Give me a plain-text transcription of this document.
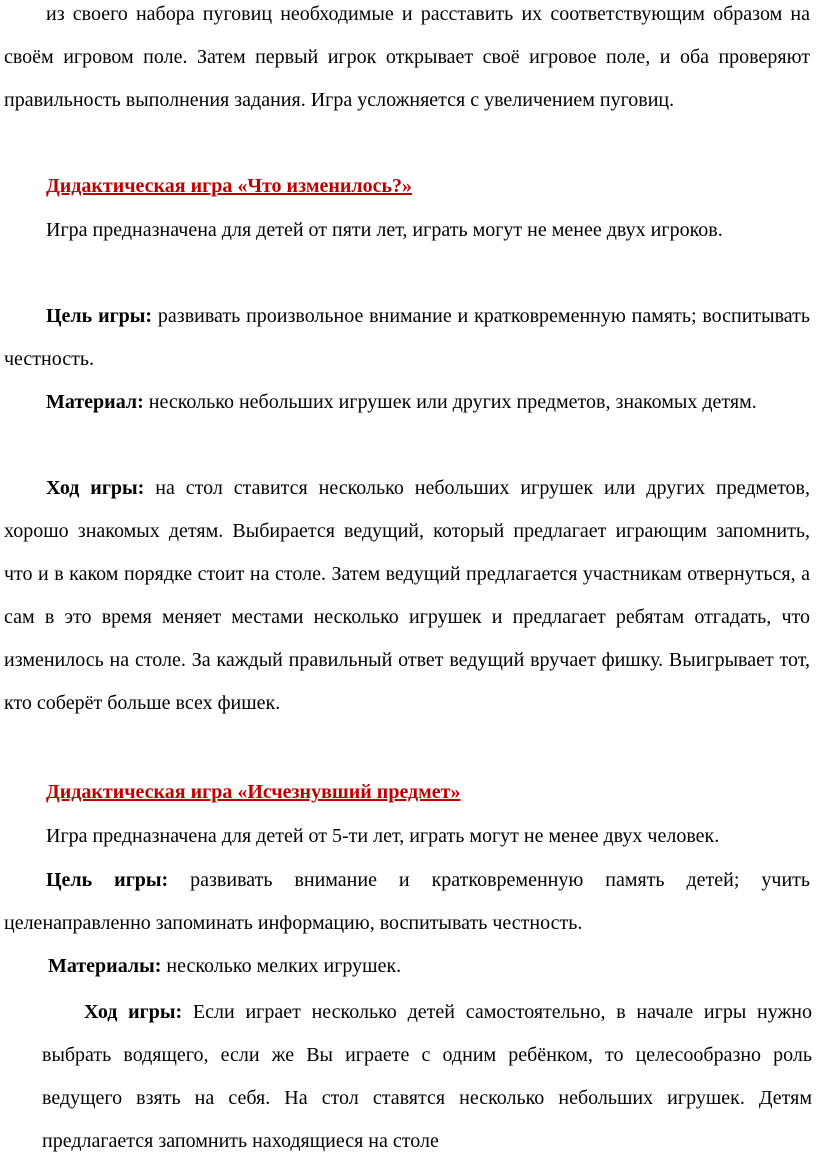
из своего набора пуговиц необходимые и расставить их соответствующим образом на своём игровом поле. Затем первый игрок открывает своё игровое поле, и оба проверяют правильность выполнения задания. Игра усложняется с увеличением пуговиц.

Дидактическая игра «Что изменилось?»

Игра предназначена для детей от пяти лет, играть могут не менее двух игроков.

Цель игры: развивать произвольное внимание и кратковременную память; воспитывать честность.

Материал: несколько небольших игрушек или других предметов, знакомых детям.

Ход игры: на стол ставится несколько небольших игрушек или других предметов, хорошо знакомых детям. Выбирается ведущий, который предлагает играющим запомнить, что и в каком порядке стоит на столе. Затем ведущий предлагается участникам отвернуться, а сам в это время меняет местами несколько игрушек и предлагает ребятам отгадать, что изменилось на столе. За каждый правильный ответ ведущий вручает фишку. Выигрывает тот, кто соберёт больше всех фишек.

Дидактическая игра «Исчезнувший предмет»

Игра предназначена для детей от 5-ти лет, играть могут не менее двух человек.

Цель игры: развивать внимание и кратковременную память детей; учить целенаправленно запоминать информацию, воспитывать честность.

Материалы: несколько мелких игрушек.

Ход игры: Если играет несколько детей самостоятельно, в начале игры нужно выбрать водящего, если же Вы играете с одним ребёнком, то целесообразно роль ведущего взять на себя. На стол ставятся несколько небольших игрушек. Детям предлагается запомнить находящиеся на столе
